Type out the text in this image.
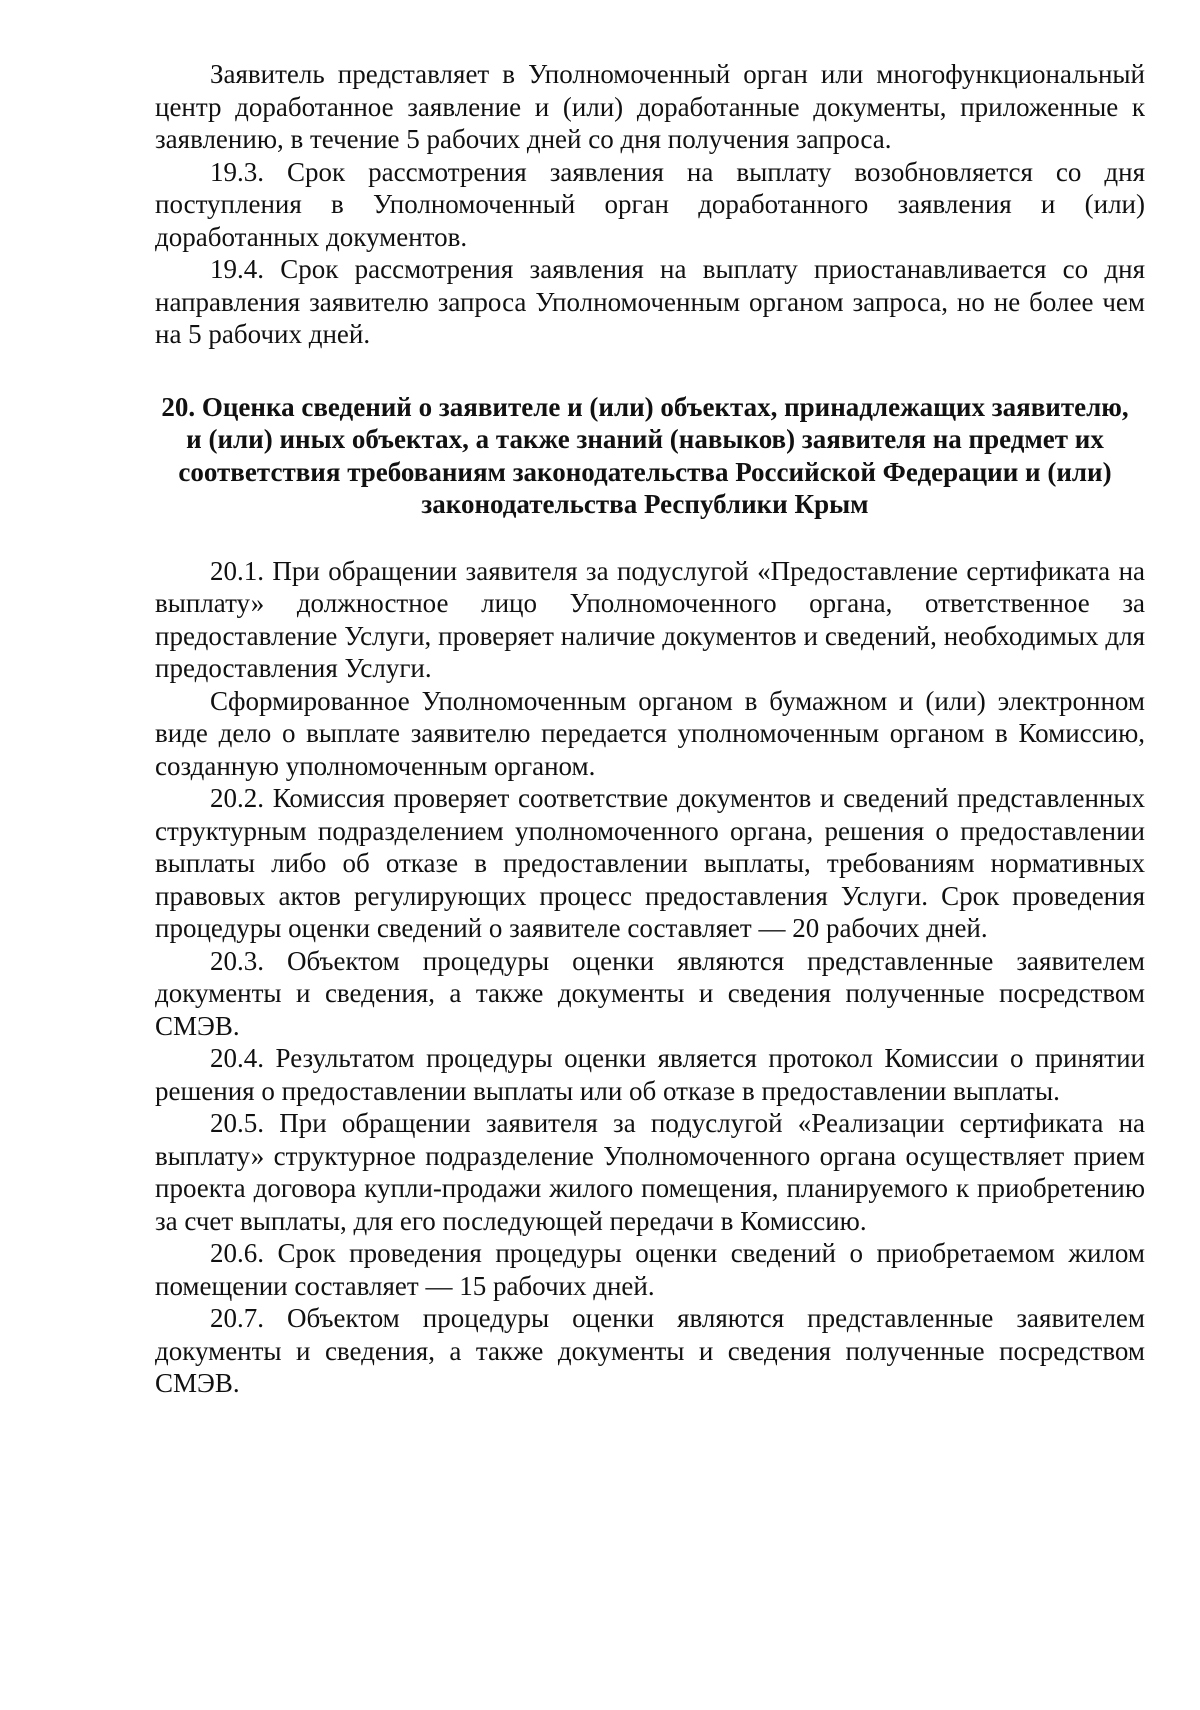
Заявитель представляет в Уполномоченный орган или многофункциональный центр доработанное заявление и (или) доработанные документы, приложенные к заявлению, в течение 5 рабочих дней со дня получения запроса.

19.3. Срок рассмотрения заявления на выплату возобновляется со дня поступления в Уполномоченный орган доработанного заявления и (или) доработанных документов.

19.4. Срок рассмотрения заявления на выплату приостанавливается со дня направления заявителю запроса Уполномоченным органом запроса, но не более чем на 5 рабочих дней.

20. Оценка сведений о заявителе и (или) объектах, принадлежащих заявителю, и (или) иных объектах, а также знаний (навыков) заявителя на предмет их соответствия требованиям законодательства Российской Федерации и (или) законодательства Республики Крым

20.1. При обращении заявителя за подуслугой «Предоставление сертификата на выплату» должностное лицо Уполномоченного органа, ответственное за предоставление Услуги, проверяет наличие документов и сведений, необходимых для предоставления Услуги.

Сформированное Уполномоченным органом в бумажном и (или) электронном виде дело о выплате заявителю передается уполномоченным органом в Комиссию, созданную уполномоченным органом.

20.2. Комиссия проверяет соответствие документов и сведений представленных структурным подразделением уполномоченного органа, решения о предоставлении выплаты либо об отказе в предоставлении выплаты, требованиям нормативных правовых актов регулирующих процесс предоставления Услуги. Срок проведения процедуры оценки сведений о заявителе составляет — 20 рабочих дней.

20.3. Объектом процедуры оценки являются представленные заявителем документы и сведения, а также документы и сведения полученные посредством СМЭВ.

20.4. Результатом процедуры оценки является протокол Комиссии о принятии решения о предоставлении выплаты или об отказе в предоставлении выплаты.

20.5. При обращении заявителя за подуслугой «Реализации сертификата на выплату» структурное подразделение Уполномоченного органа осуществляет прием проекта договора купли-продажи жилого помещения, планируемого к приобретению за счет выплаты, для его последующей передачи в Комиссию.

20.6. Срок проведения процедуры оценки сведений о приобретаемом жилом помещении составляет — 15 рабочих дней.

20.7. Объектом процедуры оценки являются представленные заявителем документы и сведения, а также документы и сведения полученные посредством СМЭВ.
